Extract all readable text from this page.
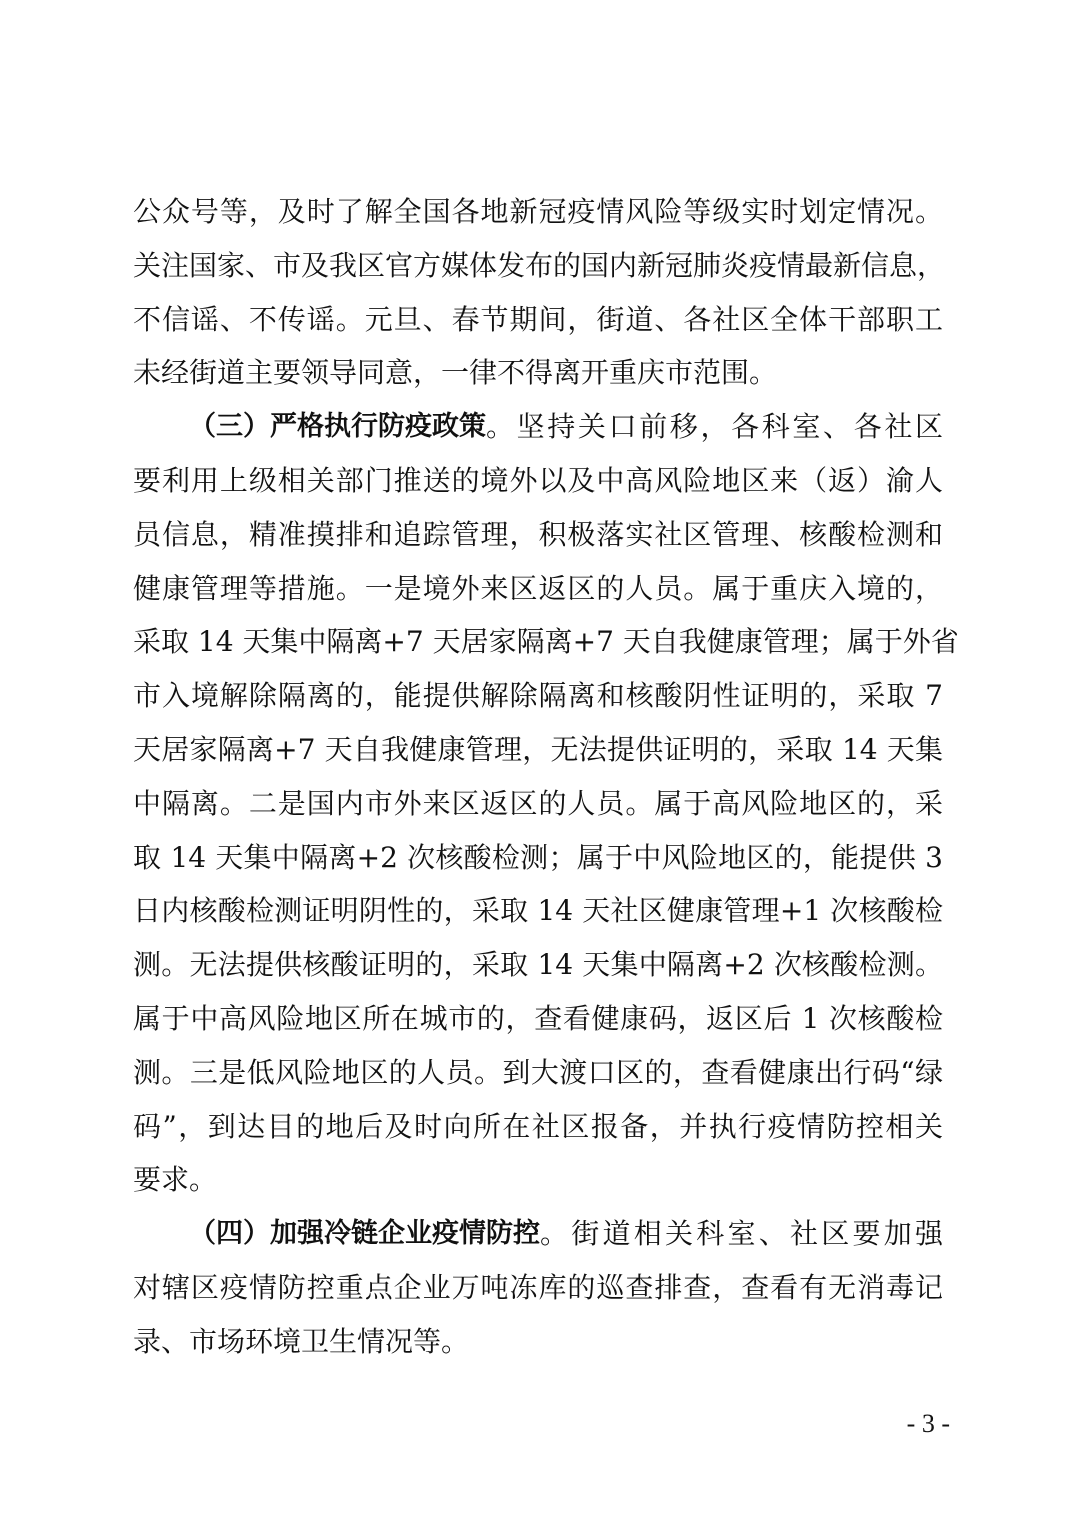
公众号等，及时了解全国各地新冠疫情风险等级实时划定情况。
关注国家、市及我区官方媒体发布的国内新冠肺炎疫情最新信息，
不信谣、不传谣。元旦、春节期间，街道、各社区全体干部职工
未经街道主要领导同意，一律不得离开重庆市范围。
（三）严格执行防疫政策 。坚持关口前移，各科室、各社区
要利用上级相关部门推送的境外以及中高风险地区来（返）渝人
员信息，精准摸排和追踪管理，积极落实社区管理、核酸检测和
健康管理等措施。一是境外来区返区的人员。属于重庆入境的，
采取 14 天集中隔离+7 天居家隔离+7 天自我健康管理；属于外省
市入境解除隔离的，能提供解除隔离和核酸阴性证明的，采取 7
天居家隔离+7 天自我健康管理，无法提供证明的，采取 14 天集
中隔离。二是国内市外来区返区的人员。属于高风险地区的，采
取 14 天集中隔离+2 次核酸检测；属于中风险地区的，能提供 3
日内核酸检测证明阴性的，采取 14 天社区健康管理+1 次核酸检
测。无法提供核酸证明的，采取 14 天集中隔离+2 次核酸检测。
属于中高风险地区所在城市的，查看健康码，返区后 1 次核酸检
测。三是低风险地区的人员。到大渡口区的，查看健康出行码“绿
码”，到达目的地后及时向所在社区报备，并执行疫情防控相关
要求。
（四）加强冷链企业疫情防控 。街道相关科室、社区要加强
对辖区疫情防控重点企业万吨冻库的巡查排查，查看有无消毒记
录、市场环境卫生情况等。
- 3 -
